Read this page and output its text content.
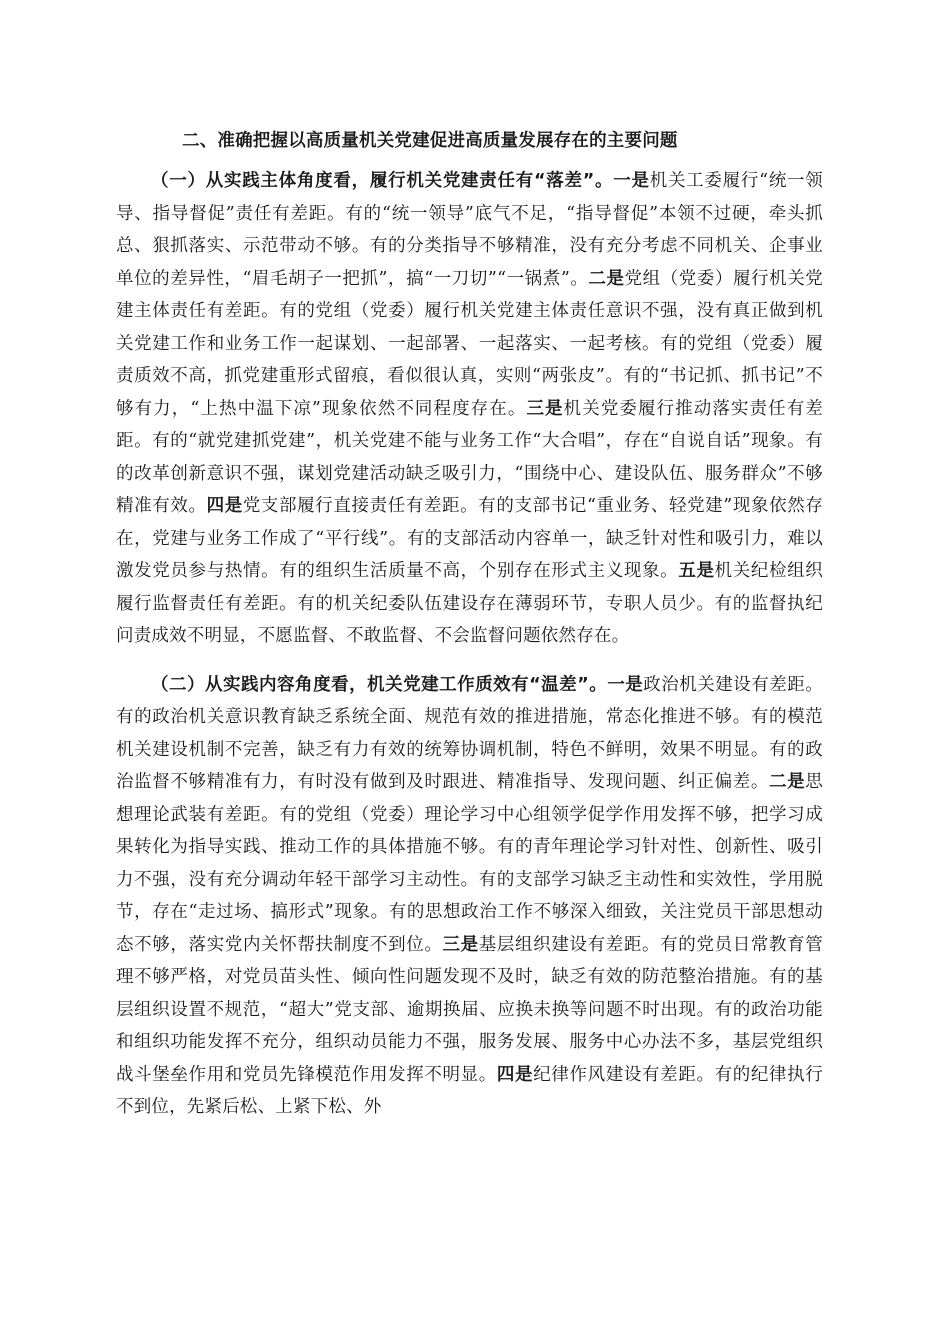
二、准确把握以高质量机关党建促进高质量发展存在的主要问题

（一）从实践主体角度看，履行机关党建责任有“落差”。一是机关工委履行“统一领导、指导督促”责任有差距。有的“统一领导”底气不足，“指导督促”本领不过硬，牵头抓总、狠抓落实、示范带动不够。有的分类指导不够精准，没有充分考虑不同机关、企事业单位的差异性，“眉毛胡子一把抓”，搞“一刀切”“一锅煮”。二是党组（党委）履行机关党建主体责任有差距。有的党组（党委）履行机关党建主体责任意识不强，没有真正做到机关党建工作和业务工作一起谋划、一起部署、一起落实、一起考核。有的党组（党委）履责质效不高，抓党建重形式留痕，看似很认真，实则“两张皮”。有的“书记抓、抓书记”不够有力，“上热中温下凉”现象依然不同程度存在。三是机关党委履行推动落实责任有差距。有的“就党建抓党建”，机关党建不能与业务工作“大合唱”，存在“自说自话”现象。有的改革创新意识不强，谋划党建活动缺乏吸引力，“围绕中心、建设队伍、服务群众”不够精准有效。四是党支部履行直接责任有差距。有的支部书记“重业务、轻党建”现象依然存在，党建与业务工作成了“平行线”。有的支部活动内容单一，缺乏针对性和吸引力，难以激发党员参与热情。有的组织生活质量不高，个别存在形式主义现象。五是机关纪检组织履行监督责任有差距。有的机关纪委队伍建设存在薄弱环节，专职人员少。有的监督执纪问责成效不明显，不愿监督、不敢监督、不会监督问题依然存在。

（二）从实践内容角度看，机关党建工作质效有“温差”。一是政治机关建设有差距。有的政治机关意识教育缺乏系统全面、规范有效的推进措施，常态化推进不够。有的模范机关建设机制不完善，缺乏有力有效的统筹协调机制，特色不鲜明，效果不明显。有的政治监督不够精准有力，有时没有做到及时跟进、精准指导、发现问题、纠正偏差。二是思想理论武装有差距。有的党组（党委）理论学习中心组领学促学作用发挥不够，把学习成果转化为指导实践、推动工作的具体措施不够。有的青年理论学习针对性、创新性、吸引力不强，没有充分调动年轻干部学习主动性。有的支部学习缺乏主动性和实效性，学用脱节，存在“走过场、搞形式”现象。有的思想政治工作不够深入细致，关注党员干部思想动态不够，落实党内关怀帮扶制度不到位。三是基层组织建设有差距。有的党员日常教育管理不够严格，对党员苗头性、倾向性问题发现不及时，缺乏有效的防范整治措施。有的基层组织设置不规范，“超大”党支部、逾期换届、应换未换等问题不时出现。有的政治功能和组织功能发挥不充分，组织动员能力不强，服务发展、服务中心办法不多，基层党组织战斗堡垒作用和党员先锋模范作用发挥不明显。四是纪律作风建设有差距。有的纪律执行不到位，先紧后松、上紧下松、外
